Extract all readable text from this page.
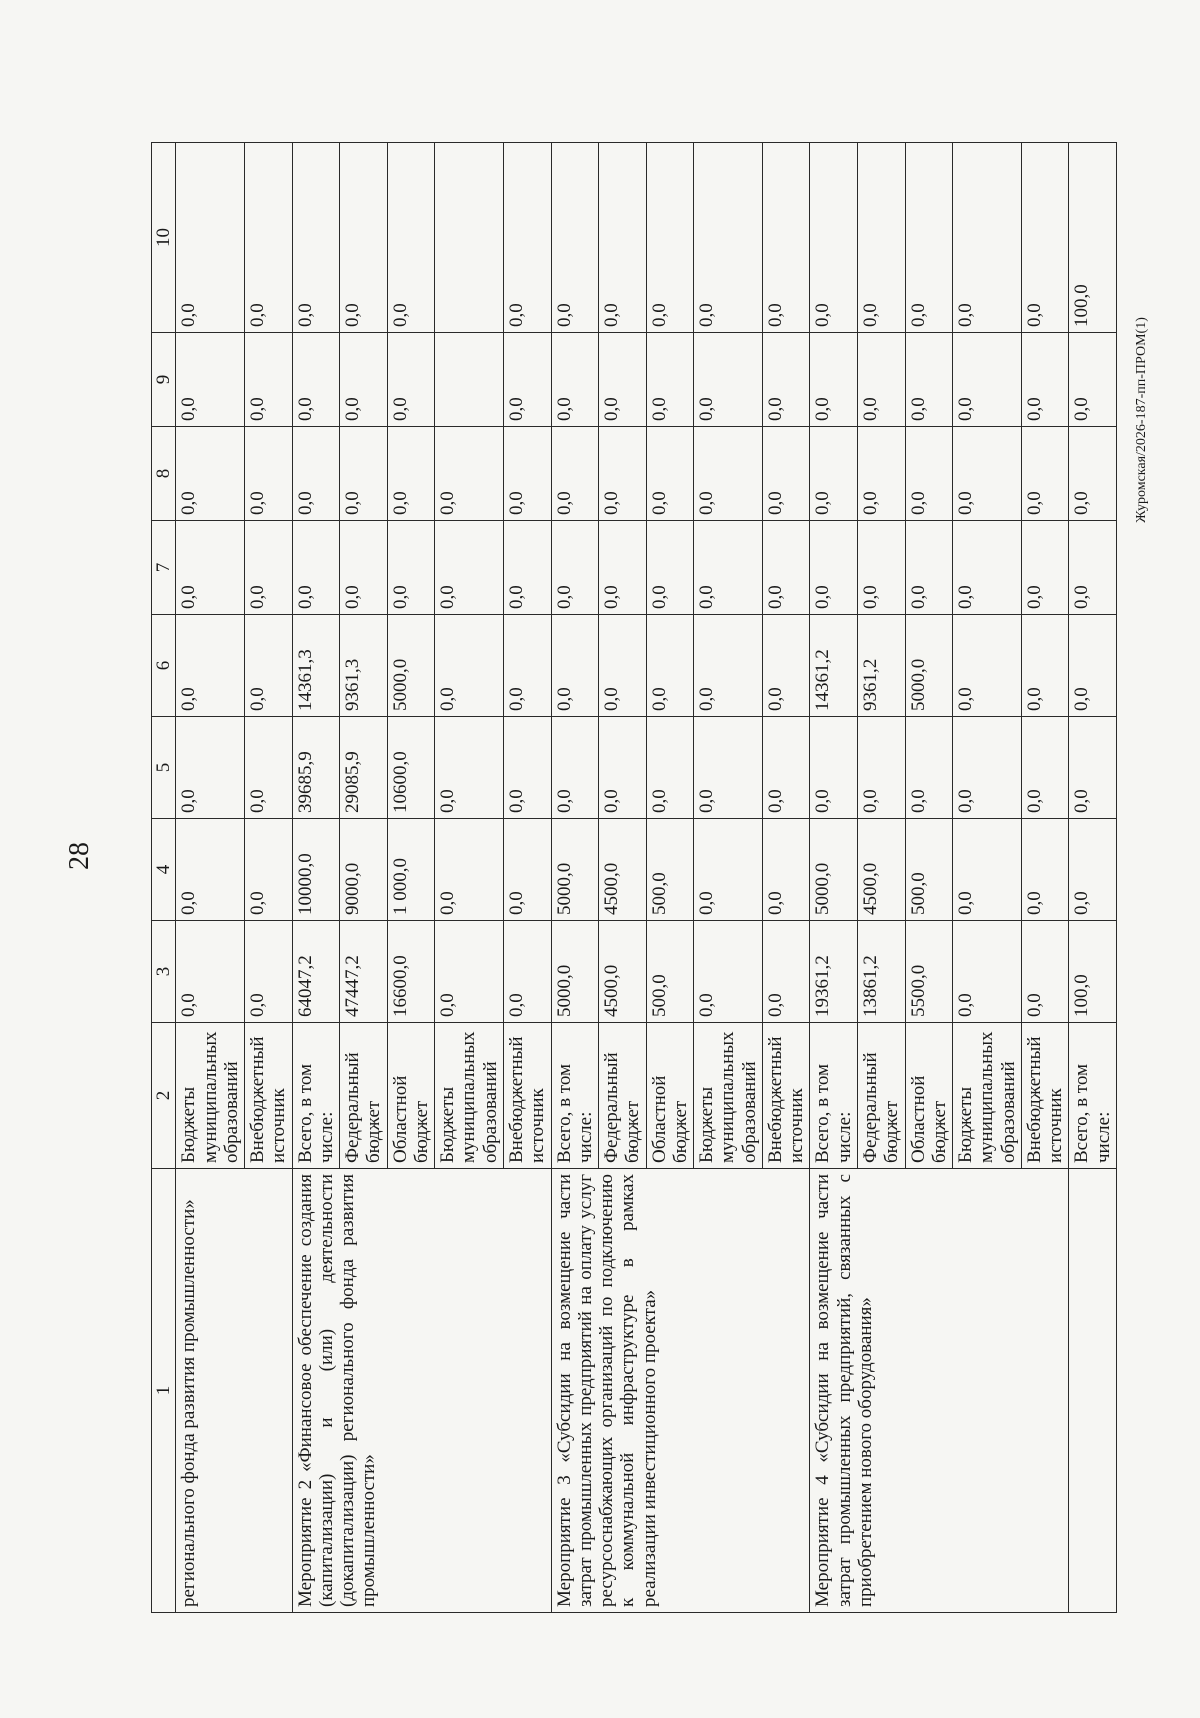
28
Журомская/2026-187-пп-ПРОМ(1)
1	2	3	4	5	6	7	8	9	10
регионального фонда развития промышленности»	Бюджеты муниципальных образований	0,0	0,0	0,0	0,0	0,0	0,0	0,0	0,0
	Внебюджетный источник	0,0	0,0	0,0	0,0	0,0	0,0	0,0	0,0
Мероприятие 2 «Финансовое обеспечение создания (капитализации) и (или) деятельности (докапитализации) регионального фонда развития промышленности»	Всего, в том числе:	64047,2	10000,0	39685,9	14361,3	0,0	0,0	0,0	0,0
	Федеральный бюджет	47447,2	9000,0	29085,9	9361,3	0,0	0,0	0,0	0,0
	Областной бюджет	16600,0	1 000,0	10600,0	5000,0	0,0	0,0	0,0	0,0
	Бюджеты муниципальных образований	0,0	0,0	0,0	0,0	0,0	0,0		
	Внебюджетный источник	0,0	0,0	0,0	0,0	0,0	0,0	0,0	0,0
Мероприятие 3 «Субсидии на возмещение части затрат промышленных предприятий на оплату услуг ресурсоснабжающих организаций по подключению к коммунальной инфраструктуре в рамках реализации инвестиционного проекта»	Всего, в том числе:	5000,0	5000,0	0,0	0,0	0,0	0,0	0,0	0,0
	Федеральный бюджет	4500,0	4500,0	0,0	0,0	0,0	0,0	0,0	0,0
	Областной бюджет	500,0	500,0	0,0	0,0	0,0	0,0	0,0	0,0
	Бюджеты муниципальных образований	0,0	0,0	0,0	0,0	0,0	0,0	0,0	0,0
	Внебюджетный источник	0,0	0,0	0,0	0,0	0,0	0,0	0,0	0,0
Мероприятие 4 «Субсидии на возмещение части затрат промышленных предприятий, связанных с приобретением нового оборудования»	Всего, в том числе:	19361,2	5000,0	0,0	14361,2	0,0	0,0	0,0	0,0
	Федеральный бюджет	13861,2	4500,0	0,0	9361,2	0,0	0,0	0,0	0,0
	Областной бюджет	5500,0	500,0	0,0	5000,0	0,0	0,0	0,0	0,0
	Бюджеты муниципальных образований	0,0	0,0	0,0	0,0	0,0	0,0	0,0	0,0
	Внебюджетный источник	0,0	0,0	0,0	0,0	0,0	0,0	0,0	0,0
	Всего, в том числе:	100,0	0,0	0,0	0,0	0,0	0,0	0,0	100,0
